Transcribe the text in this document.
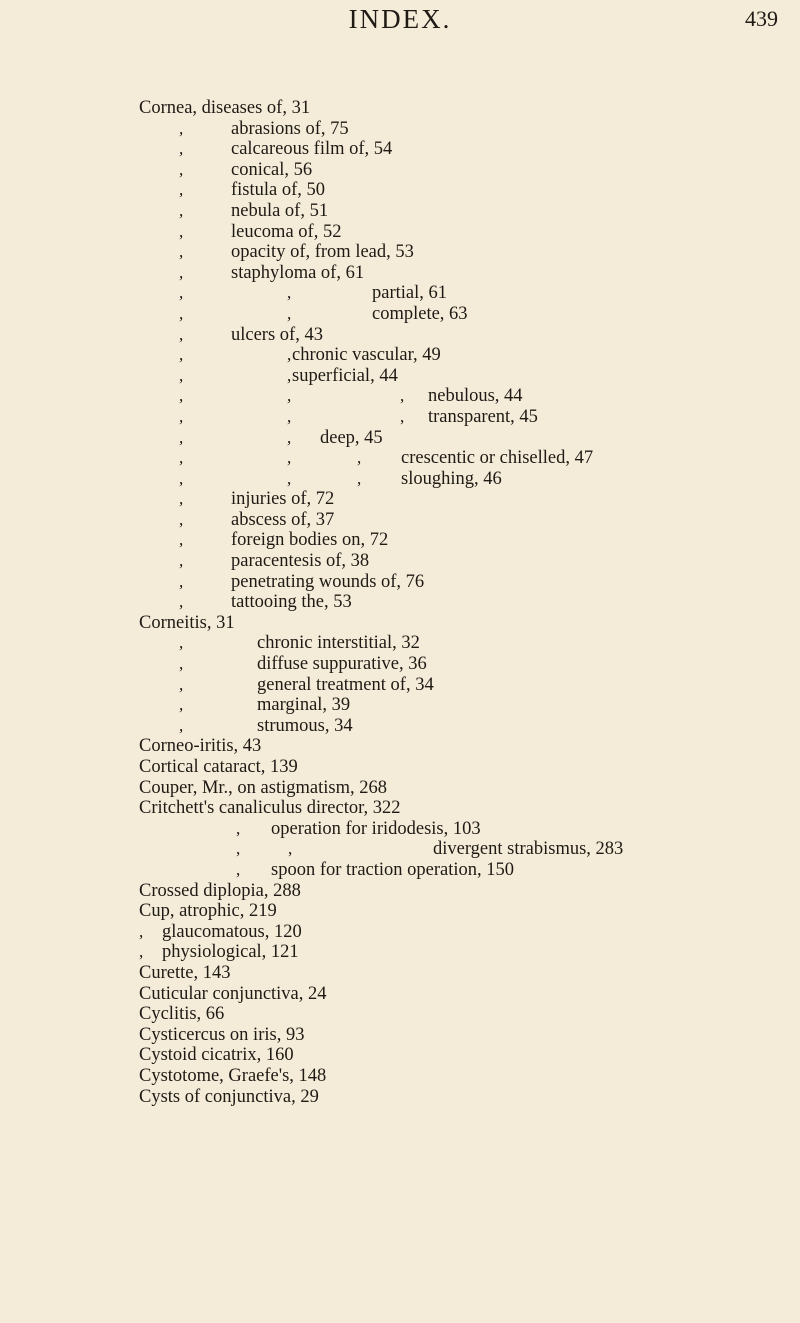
INDEX.	439
Cornea, diseases of, 31
,	abrasions of, 75
,	calcareous film of, 54
,	conical, 56
,	fistula of, 50
,	nebula of, 51
,	leucoma of, 52
,	opacity of, from lead, 53
,	staphyloma of, 61
,	,	partial, 61
,	,	complete, 63
,	ulcers of, 43
,	, chronic vascular, 49
,	, superficial, 44
,	,	, nebulous, 44
,	,	, transparent, 45
,	, deep, 45
,	,	, crescentic or chiselled, 47
,	,	, sloughing, 46
,	injuries of, 72
,	abscess of, 37
,	foreign bodies on, 72
,	paracentesis of, 38
,	penetrating wounds of, 76
,	tattooing the, 53
Corneitis, 31
,	chronic interstitial, 32
,	diffuse suppurative, 36
,	general treatment of, 34
,	marginal, 39
,	strumous, 34
Corneo-iritis, 43
Cortical cataract, 139
Couper, Mr., on astigmatism, 268
Critchett's canaliculus director, 322
, operation for iridodesis, 103
,	,	divergent strabismus, 283
, spoon for traction operation, 150
Crossed diplopia, 288
Cup, atrophic, 219
, glaucomatous, 120
, physiological, 121
Curette, 143
Cuticular conjunctiva, 24
Cyclitis, 66
Cysticercus on iris, 93
Cystoid cicatrix, 160
Cystotome, Graefe's, 148
Cysts of conjunctiva, 29
